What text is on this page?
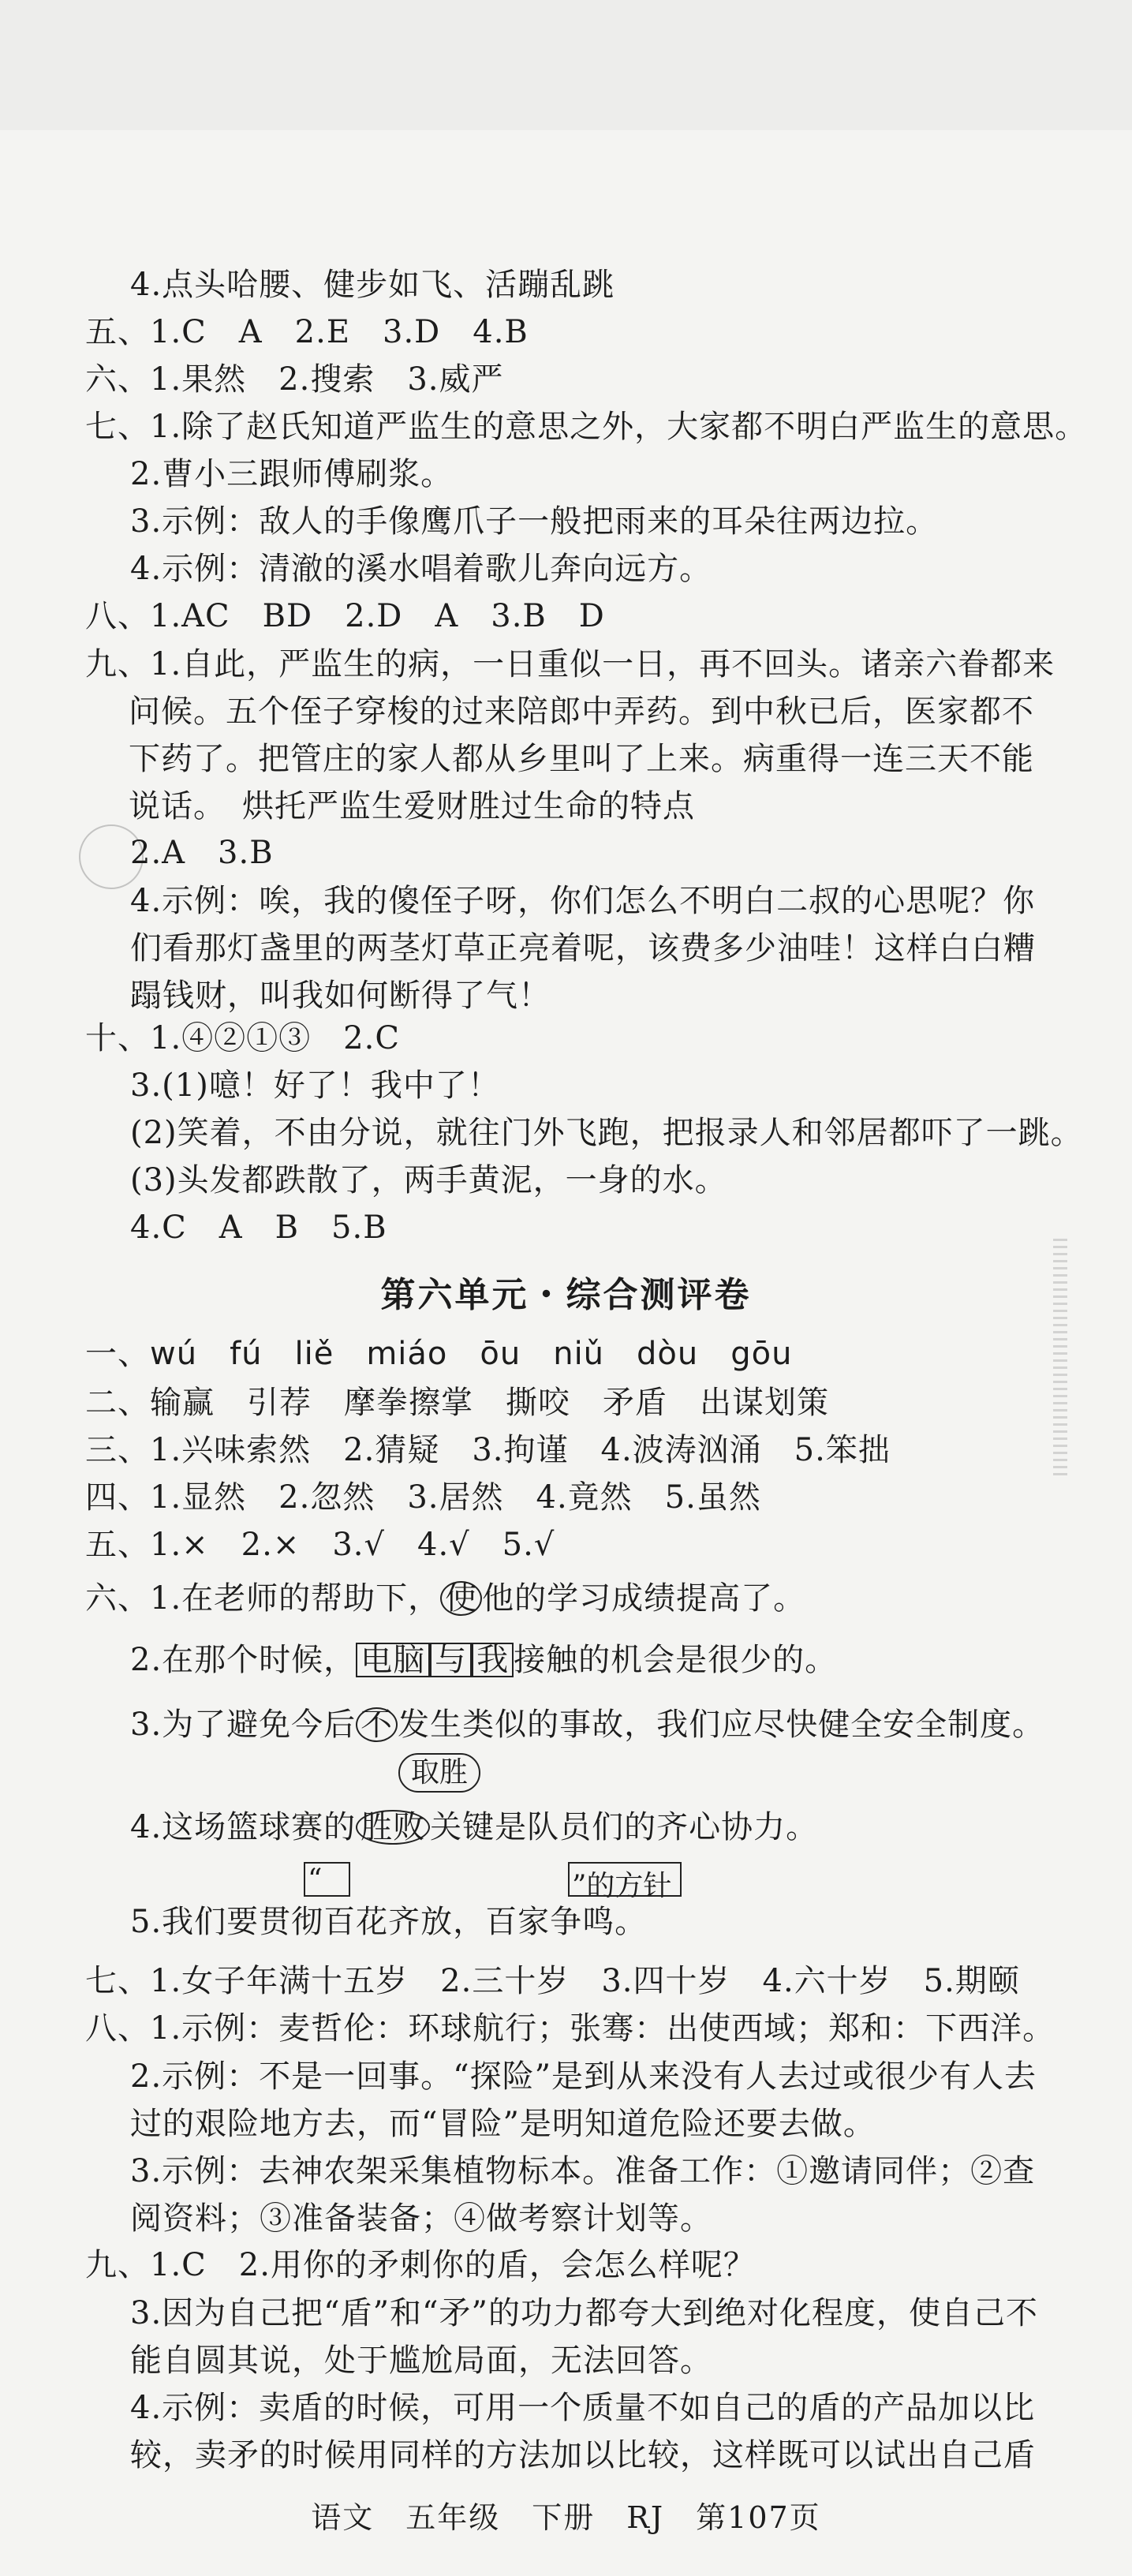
4.点头哈腰、健步如飞、活蹦乱跳
五、1.C　A　2.E　3.D　4.B
六、1.果然　2.搜索　3.威严
七、1.除了赵氏知道严监生的意思之外，大家都不明白严监生的意思。
2.曹小三跟师傅刷浆。
3.示例：敌人的手像鹰爪子一般把雨来的耳朵往两边拉。
4.示例：清澈的溪水唱着歌儿奔向远方。
八、1.AC　BD　2.D　A　3.B　D
九、1.自此，严监生的病，一日重似一日，再不回头。诸亲六眷都来问候。五个侄子穿梭的过来陪郎中弄药。到中秋已后，医家都不下药了。把管庄的家人都从乡里叫了上来。病重得一连三天不能说话。　烘托严监生爱财胜过生命的特点
2.A　3.B
4.示例：唉，我的傻侄子呀，你们怎么不明白二叔的心思呢？你们看那灯盏里的两茎灯草正亮着呢，该费多少油哇！这样白白糟蹋钱财，叫我如何断得了气！
十、1.④②①③　2.C
3.(1)噫！好了！我中了！
(2)笑着，不由分说，就往门外飞跑，把报录人和邻居都吓了一跳。
(3)头发都跌散了，两手黄泥，一身的水。
4.C　A　B　5.B
第六单元・综合测评卷
一、wú　fú　liě　miáo　ōu　niǔ　dòu　gōu
二、输赢　引荐　摩拳擦掌　撕咬　矛盾　出谋划策
三、1.兴味索然　2.猜疑　3.拘谨　4.波涛汹涌　5.笨拙
四、1.显然　2.忽然　3.居然　4.竟然　5.虽然
五、1.×　2.×　3.√　4.√　5.√
六、1.在老师的帮助下， 使 他的学习成绩提高了。
2.在那个时候， 电脑 与 我 接触的机会是很少的。
3.为了避免今后 不 发生类似的事故，我们应尽快健全安全制度。
取胜
4.这场篮球赛的 胜败 关键是队员们的齐心协力。
“	”的方针
5.我们要贯彻百花齐放，百家争鸣。
七、1.女子年满十五岁　2.三十岁　3.四十岁　4.六十岁　5.期颐
八、1.示例：麦哲伦：环球航行；张骞：出使西域；郑和：下西洋。
2.示例：不是一回事。“探险”是到从来没有人去过或很少有人去过的艰险地方去，而“冒险”是明知道危险还要去做。
3.示例：去神农架采集植物标本。准备工作：①邀请同伴；②查阅资料；③准备装备；④做考察计划等。
九、1.C　2.用你的矛刺你的盾，会怎么样呢？
3.因为自己把“盾”和“矛”的功力都夸大到绝对化程度，使自己不能自圆其说，处于尴尬局面，无法回答。
4.示例：卖盾的时候，可用一个质量不如自己的盾的产品加以比较，卖矛的时候用同样的方法加以比较，这样既可以试出自己盾
语文　五年级　下册　RJ　第107页
